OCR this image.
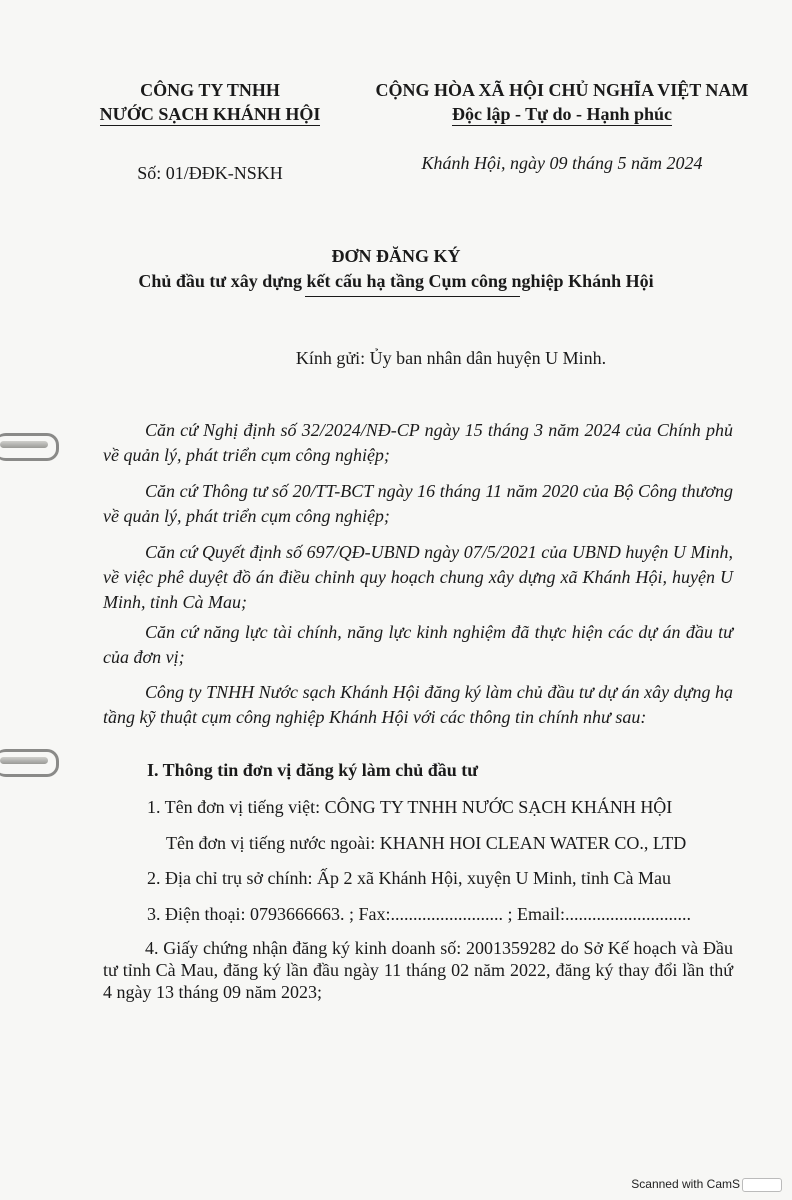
CÔNG TY TNHH
NƯỚC SẠCH KHÁNH HỘI
CỘNG HÒA XÃ HỘI CHỦ NGHĨA VIỆT NAM
Độc lập - Tự do - Hạnh phúc
Số: 01/ĐĐK-NSKH	Khánh Hội, ngày 09 tháng 5 năm 2024
ĐƠN ĐĂNG KÝ
Chủ đầu tư xây dựng kết cấu hạ tầng Cụm công nghiệp Khánh Hội
Kính gửi: Ủy ban nhân dân huyện U Minh.
Căn cứ Nghị định số 32/2024/NĐ-CP ngày 15 tháng 3 năm 2024 của Chính phủ về quản lý, phát triển cụm công nghiệp;
Căn cứ Thông tư số 20/TT-BCT ngày 16 tháng 11 năm 2020 của Bộ Công thương về quản lý, phát triển cụm công nghiệp;
Căn cứ Quyết định số 697/QĐ-UBND ngày 07/5/2021 của UBND huyện U Minh, về việc phê duyệt đồ án điều chỉnh quy hoạch chung xây dựng xã Khánh Hội, huyện U Minh, tỉnh Cà Mau;
Căn cứ năng lực tài chính, năng lực kinh nghiệm đã thực hiện các dự án đầu tư của đơn vị;
Công ty TNHH Nước sạch Khánh Hội đăng ký làm chủ đầu tư dự án xây dựng hạ tầng kỹ thuật cụm công nghiệp Khánh Hội với các thông tin chính như sau:
I. Thông tin đơn vị đăng ký làm chủ đầu tư
1. Tên đơn vị tiếng việt: CÔNG TY TNHH NƯỚC SẠCH KHÁNH HỘI
Tên đơn vị tiếng nước ngoài: KHANH HOI CLEAN WATER CO., LTD
2. Địa chỉ trụ sở chính: Ấp 2 xã Khánh Hội, xuyện U Minh, tỉnh Cà Mau
3. Điện thoại: 0793666663. ; Fax:......................... ; Email:............................
4. Giấy chứng nhận đăng ký kinh doanh số: 2001359282 do Sở Kế hoạch và Đầu tư tỉnh Cà Mau, đăng ký lần đầu ngày 11 tháng 02 năm 2022, đăng ký thay đổi lần thứ 4 ngày 13 tháng 09 năm 2023;
Scanned with CamS
